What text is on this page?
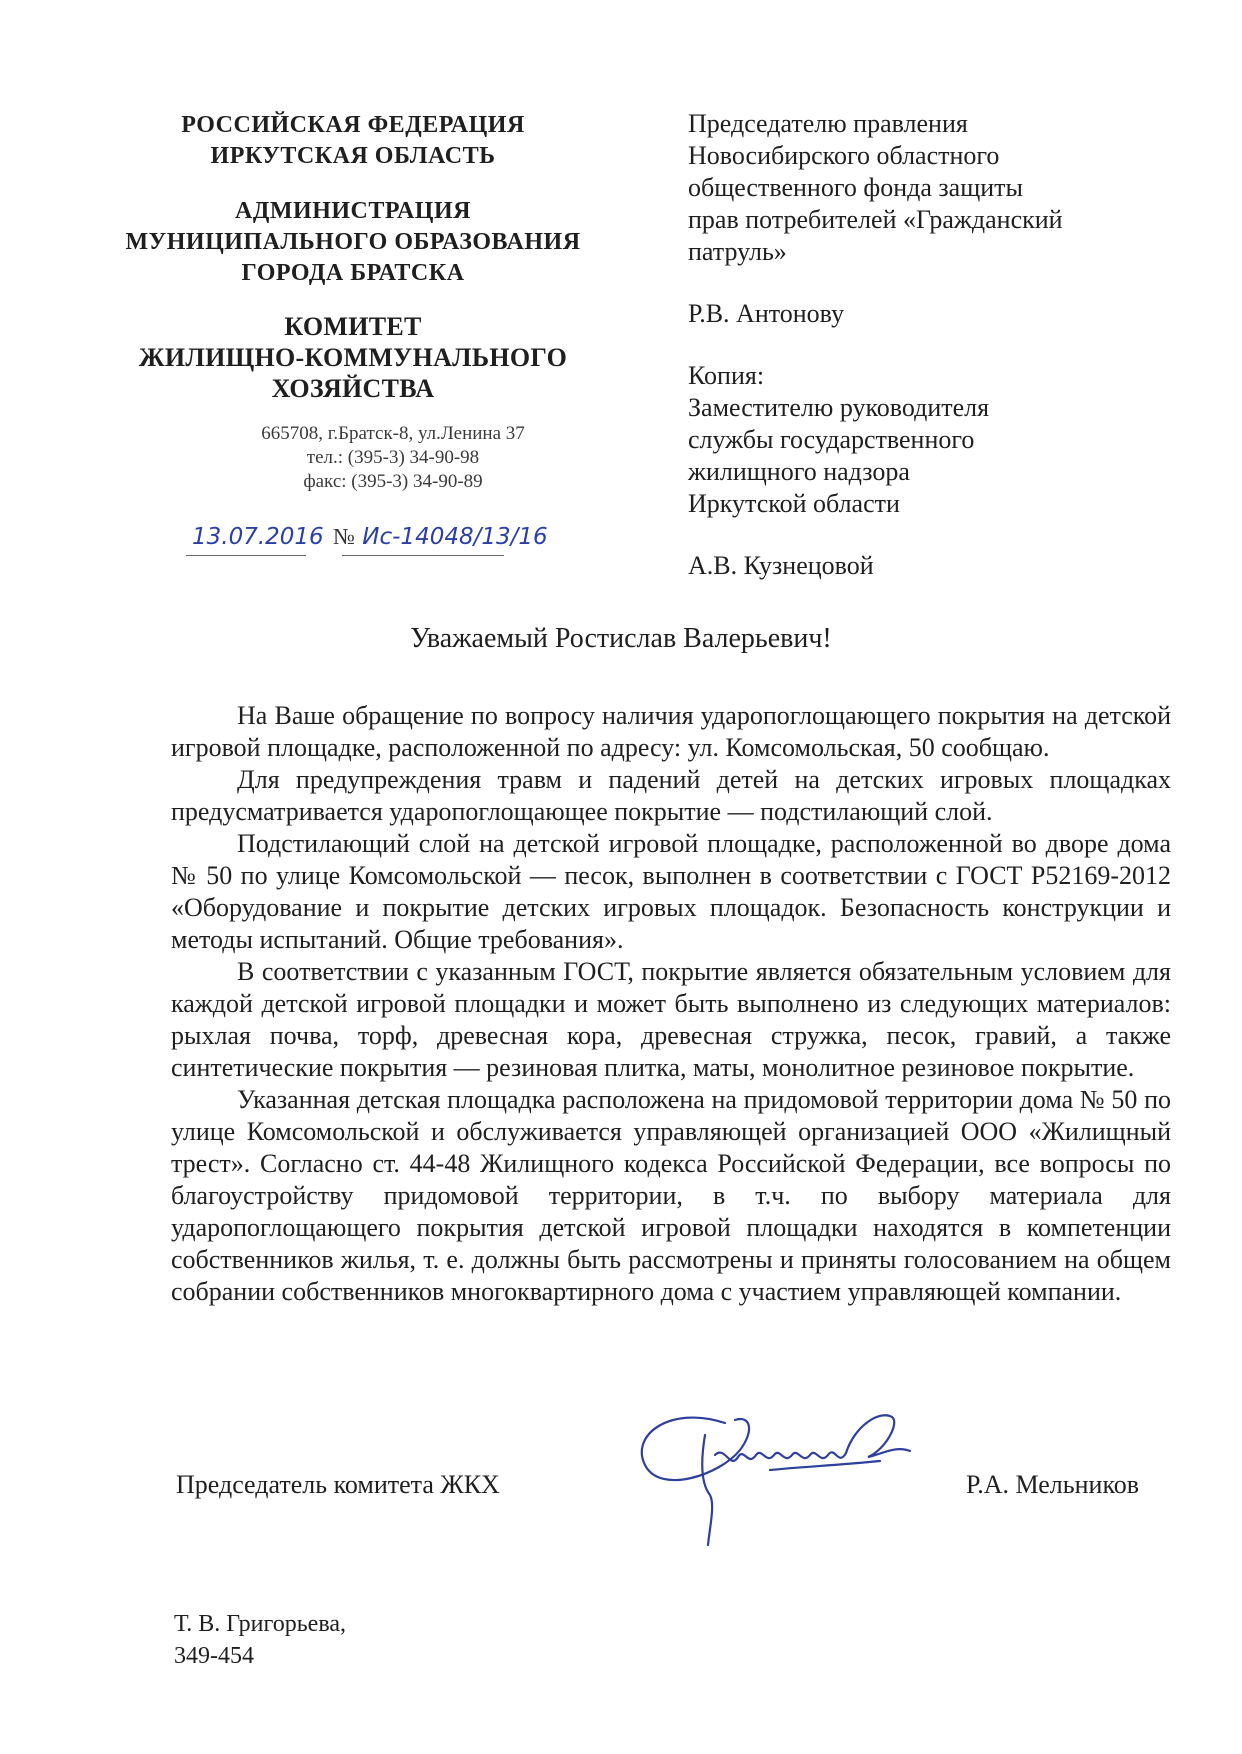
РОССИЙСКАЯ ФЕДЕРАЦИЯ

ИРКУТСКАЯ ОБЛАСТЬ

АДМИНИСТРАЦИЯ

МУНИЦИПАЛЬНОГО ОБРАЗОВАНИЯ

ГОРОДА БРАТСКА

КОМИТЕТ

ЖИЛИЩНО-КОММУНАЛЬНОГО

ХОЗЯЙСТВА

665708, г.Братск-8, ул.Ленина 37
тел.: (395-3) 34-90-98
факс: (395-3) 34-90-89
13.07.2016 № Ис-14048/13/16

Председателю правления

Новосибирского областного

общественного фонда защиты

прав потребителей «Гражданский

патруль»

Р.В. Антонову

Копия:

Заместителю руководителя

службы государственного

жилищного надзора

Иркутской области

А.В. Кузнецовой

Уважаемый Ростислав Валерьевич!

На Ваше обращение по вопросу наличия ударопоглощающего покрытия на детской игровой площадке, расположенной по адресу: ул. Комсомольская, 50 сообщаю.

Для предупреждения травм и падений детей на детских игровых площадках предусматривается ударопоглощающее покрытие — подстилающий слой.

Подстилающий слой на детской игровой площадке, расположенной во дворе дома № 50 по улице Комсомольской — песок, выполнен в соответствии с ГОСТ Р52169-2012 «Оборудование и покрытие детских игровых площадок. Безопасность конструкции и методы испытаний. Общие требования».

В соответствии с указанным ГОСТ, покрытие является обязательным условием для каждой детской игровой площадки и может быть выполнено из следующих материалов: рыхлая почва, торф, древесная кора, древесная стружка, песок, гравий, а также синтетические покрытия — резиновая плитка, маты, монолитное резиновое покрытие.

Указанная детская площадка расположена на придомовой территории дома № 50 по улице Комсомольской и обслуживается управляющей организацией ООО «Жилищный трест». Согласно ст. 44-48 Жилищного кодекса Российской Федерации, все вопросы по благоустройству придомовой территории, в т.ч. по выбору материала для ударопоглощающего покрытия детской игровой площадки находятся в компетенции собственников жилья, т. е. должны быть рассмотрены и приняты голосованием на общем собрании собственников многоквартирного дома с участием управляющей компании.

Председатель комитета ЖКХ	Р.А. Мельников
Т. В. Григорьева,
349-454
